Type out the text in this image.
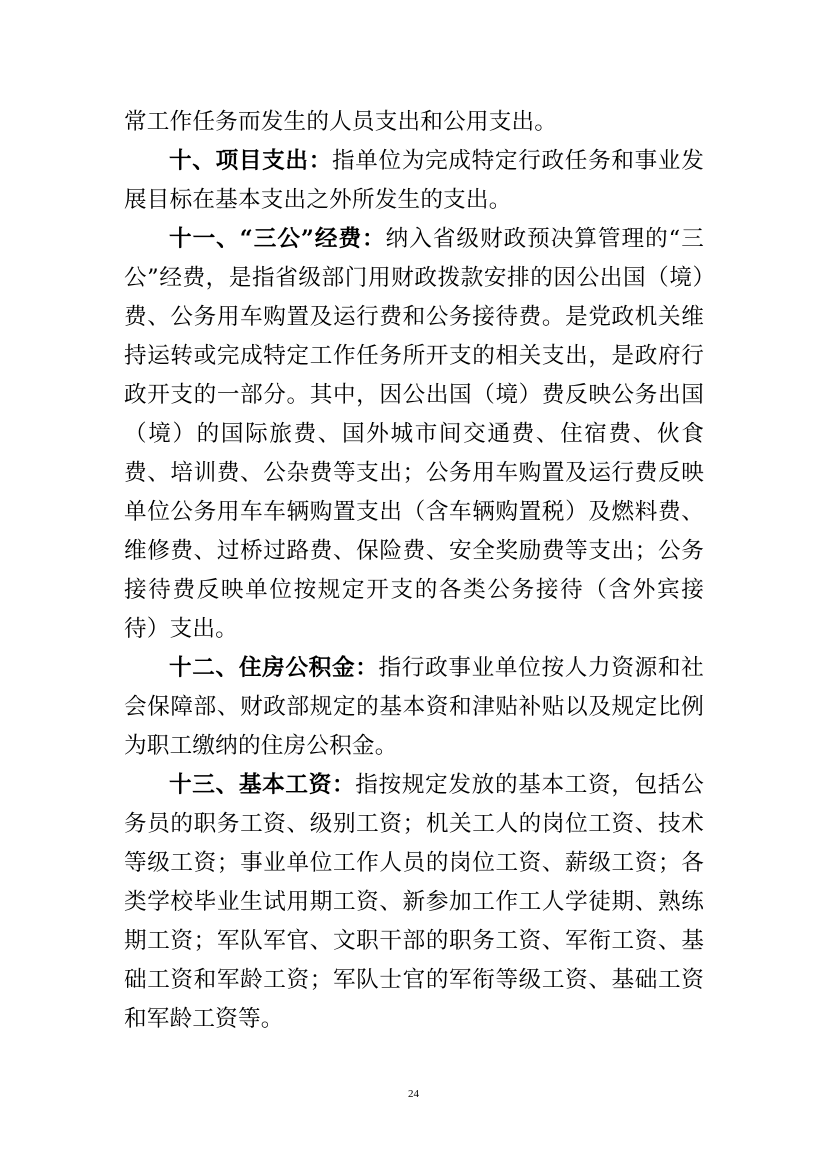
常工作任务而发生的人员支出和公用支出。

十、项目支出：指单位为完成特定行政任务和事业发展目标在基本支出之外所发生的支出。

十一、“三公”经费：纳入省级财政预决算管理的“三公”经费，是指省级部门用财政拨款安排的因公出国（境）费、公务用车购置及运行费和公务接待费。是党政机关维持运转或完成特定工作任务所开支的相关支出，是政府行政开支的一部分。其中，因公出国（境）费反映公务出国（境）的国际旅费、国外城市间交通费、住宿费、伙食费、培训费、公杂费等支出；公务用车购置及运行费反映单位公务用车车辆购置支出（含车辆购置税）及燃料费、维修费、过桥过路费、保险费、安全奖励费等支出；公务接待费反映单位按规定开支的各类公务接待（含外宾接待）支出。

十二、住房公积金：指行政事业单位按人力资源和社会保障部、财政部规定的基本资和津贴补贴以及规定比例为职工缴纳的住房公积金。

十三、基本工资：指按规定发放的基本工资，包括公务员的职务工资、级别工资；机关工人的岗位工资、技术等级工资；事业单位工作人员的岗位工资、薪级工资；各类学校毕业生试用期工资、新参加工作工人学徒期、熟练期工资；军队军官、文职干部的职务工资、军衔工资、基础工资和军龄工资；军队士官的军衔等级工资、基础工资和军龄工资等。

24
